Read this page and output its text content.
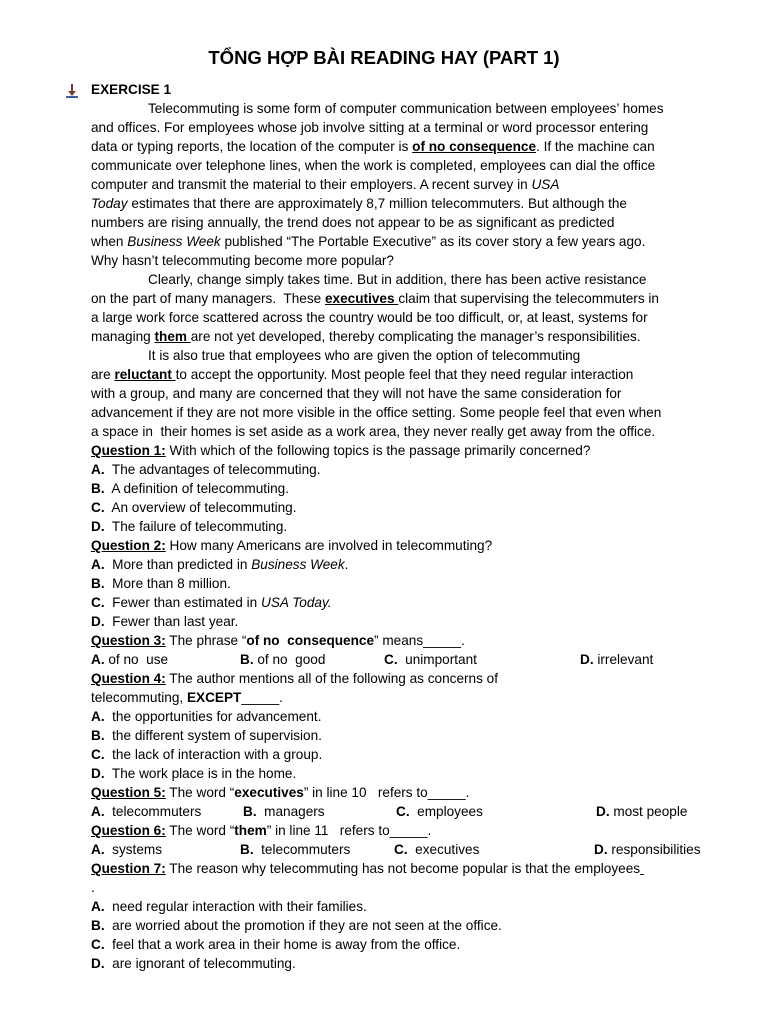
TỔNG HỢP BÀI READING HAY (PART 1)
EXERCISE 1
Telecommuting is some form of computer communication between employees’ homes
and offices. For employees whose job involve sitting at a terminal or word processor entering
data or typing reports, the location of the computer is of no consequence. If the machine can
communicate over telephone lines, when the work is completed, employees can dial the office
computer and transmit the material to their employers. A recent survey in USA
Today estimates that there are approximately 8,7 million telecommuters. But although the
numbers are rising annually, the trend does not appear to be as significant as predicted
when Business Week published “The Portable Executive” as its cover story a few years ago.
Why hasn’t telecommuting become more popular?
Clearly, change simply takes time. But in addition, there has been active resistance
on the part of many managers.  These executives claim that supervising the telecommuters in
a large work force scattered across the country would be too difficult, or, at least, systems for
managing them are not yet developed, thereby complicating the manager’s responsibilities.
It is also true that employees who are given the option of telecommuting
are reluctant to accept the opportunity. Most people feel that they need regular interaction
with a group, and many are concerned that they will not have the same consideration for
advancement if they are not more visible in the office setting. Some people feel that even when
a space in  their homes is set aside as a work area, they never really get away from the office.
Question 1: With which of the following topics is the passage primarily concerned?
A. The advantages of telecommuting.
B. A definition of telecommuting.
C. An overview of telecommuting.
D. The failure of telecommuting.
Question 2: How many Americans are involved in telecommuting?
A. More than predicted in Business Week.
B. More than 8 million.
C. Fewer than estimated in USA Today.
D. Fewer than last year.
Question 3: The phrase “of no  consequence” means_____.
A. of no  use	B. of no  good	C.  unimportant	D. irrelevant
Question 4: The author mentions all of the following as concerns of
telecommuting, EXCEPT_____.
A. the opportunities for advancement.
B. the different system of supervision.
C. the lack of interaction with a group.
D. The work place is in the home.
Question 5: The word “executives” in line 10   refers to_____.
A. telecommuters	B. managers	C. employees	D. most people
Question 6: The word “them” in line 11   refers to_____.
A. systems	B. telecommuters	C. executives	D. responsibilities
Question 7: The reason why telecommuting has not become popular is that the employees
.
A. need regular interaction with their families.
B. are worried about the promotion if they are not seen at the office.
C. feel that a work area in their home is away from the office.
D. are ignorant of telecommuting.
